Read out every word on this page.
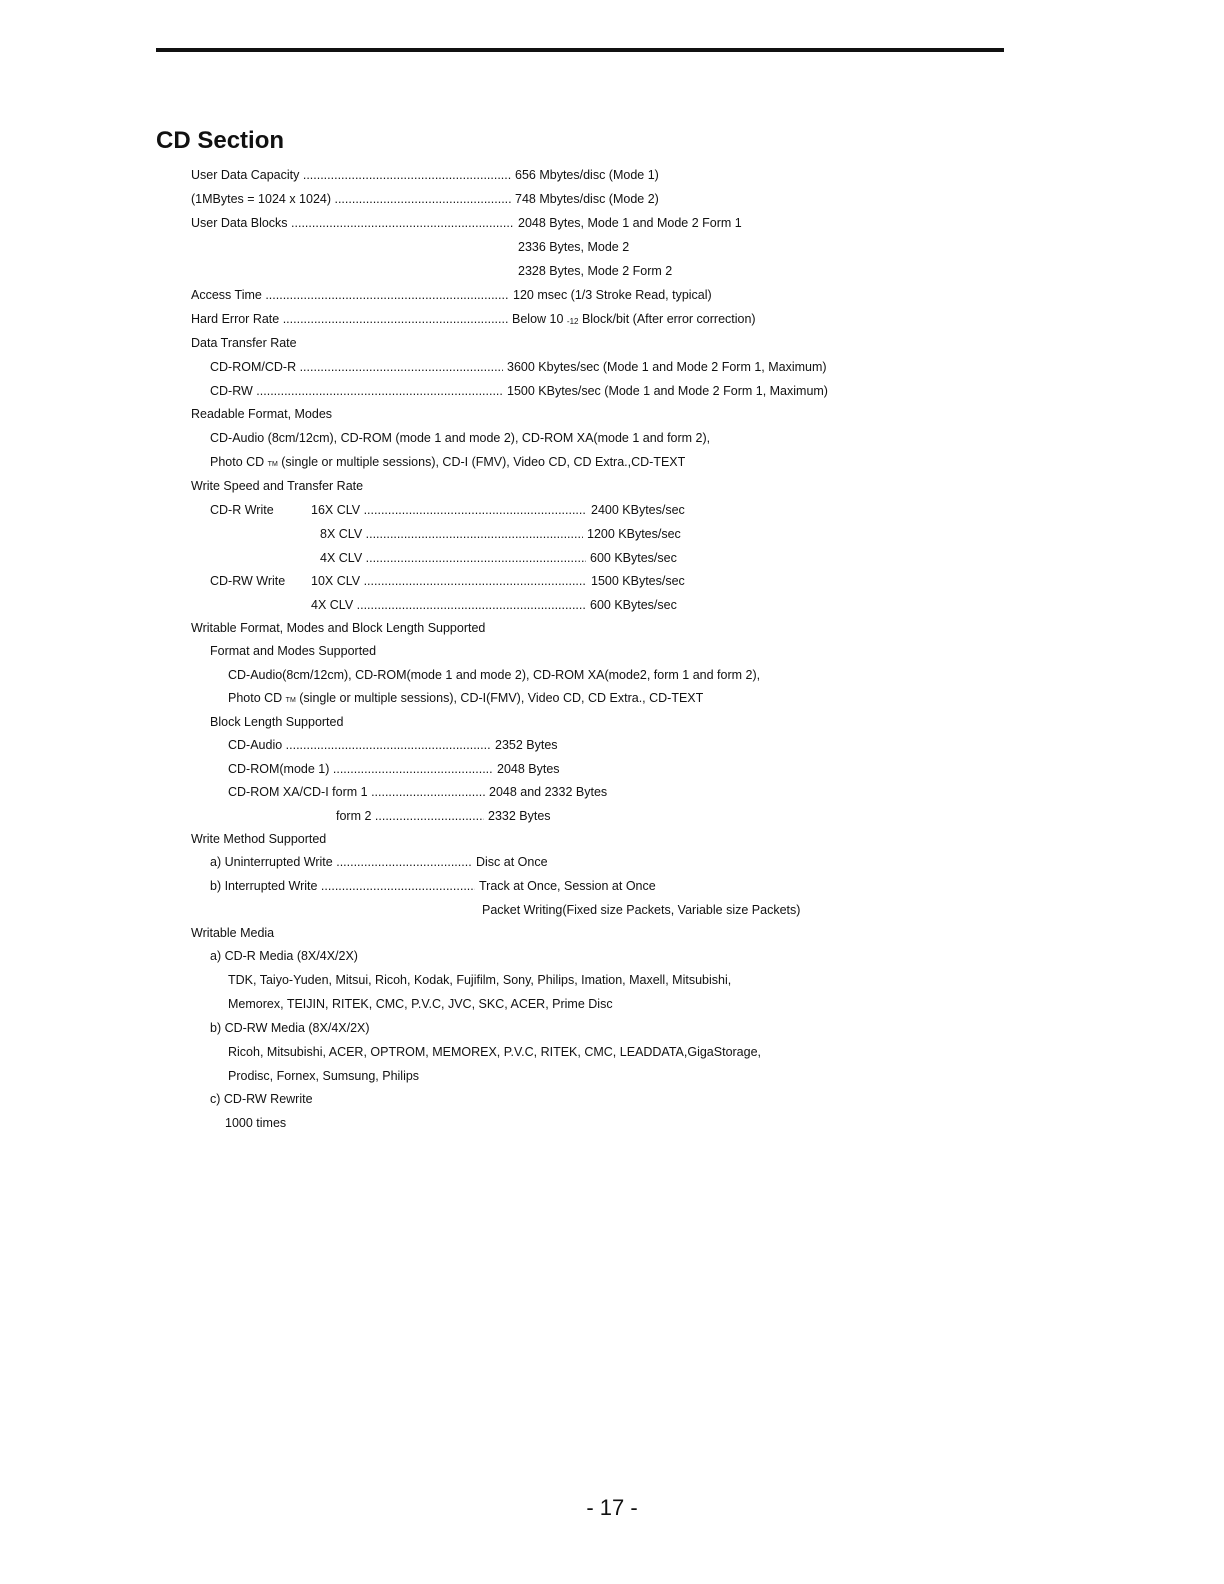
CD Section
User Data Capacity .....	656 Mbytes/disc (Mode 1)
(1MBytes = 1024 x 1024) .....	748 Mbytes/disc (Mode 2)
User Data Blocks .....	2048 Bytes, Mode 1 and Mode 2 Form 1
2336 Bytes, Mode 2
2328 Bytes, Mode 2 Form 2
Access Time .....	120 msec (1/3 Stroke Read, typical)
Hard Error Rate .....	Below 10 -12 Block/bit (After error correction)
Data Transfer Rate
CD-ROM/CD-R .....	3600 Kbytes/sec (Mode 1 and Mode 2 Form 1, Maximum)
CD-RW .....	1500 KBytes/sec (Mode 1 and Mode 2 Form 1, Maximum)
Readable Format, Modes
CD-Audio (8cm/12cm), CD-ROM (mode 1 and mode 2), CD-ROM XA(mode 1 and form 2),
Photo CD TM (single or multiple sessions), CD-I (FMV), Video CD, CD Extra.,CD-TEXT
Write Speed and Transfer Rate
CD-R Write	16X CLV .....	2400 KBytes/sec
8X CLV .....	1200 KBytes/sec
4X CLV .....	600 KBytes/sec
CD-RW Write 10X CLV .....	1500 KBytes/sec
4X CLV .....	600 KBytes/sec
Writable Format, Modes and Block Length Supported
Format and Modes Supported
CD-Audio(8cm/12cm), CD-ROM(mode 1 and mode 2), CD-ROM XA(mode2, form 1 and form 2),
Photo CD TM (single or multiple sessions), CD-I(FMV), Video CD, CD Extra., CD-TEXT
Block Length Supported
CD-Audio .....	2352 Bytes
CD-ROM(mode 1) .....	2048 Bytes
CD-ROM XA/CD-I form 1 .....	2048 and 2332 Bytes
form 2 .....	2332 Bytes
Write Method Supported
a) Uninterrupted Write .....	Disc at Once
b) Interrupted Write .....	Track at Once, Session at Once
Packet Writing(Fixed size Packets, Variable size Packets)
Writable Media
a) CD-R Media (8X/4X/2X)
TDK, Taiyo-Yuden, Mitsui, Ricoh, Kodak, Fujifilm, Sony, Philips, Imation, Maxell, Mitsubishi,
Memorex, TEIJIN, RITEK, CMC, P.V.C, JVC, SKC, ACER, Prime Disc
b) CD-RW Media (8X/4X/2X)
Ricoh, Mitsubishi, ACER, OPTROM, MEMOREX, P.V.C, RITEK, CMC, LEADDATA,GigaStorage,
Prodisc, Fornex, Sumsung, Philips
c) CD-RW Rewrite
1000 times
- 17 -
